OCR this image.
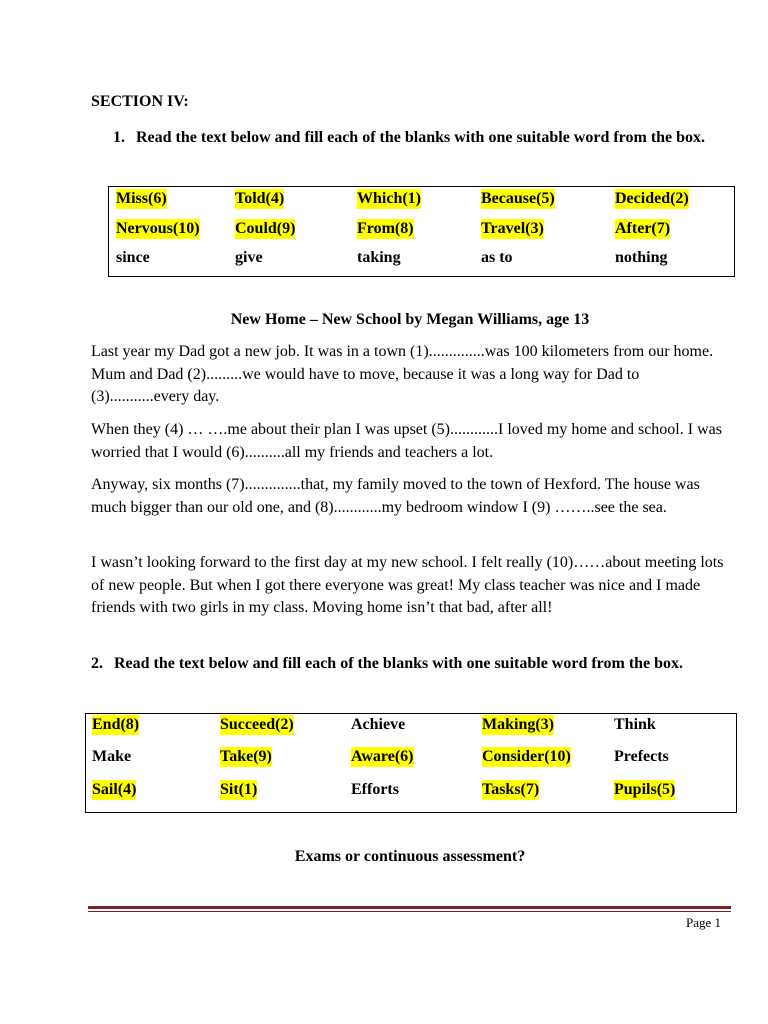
SECTION IV:
1. Read the text below and fill each of the blanks with one suitable word from the box.
Miss(6)	Told(4)	Which(1)	Because(5)	Decided(2)
Nervous(10) Could(9)	From(8)	Travel(3)	After(7)
since	give	taking	as to	nothing
New Home – New School by Megan Williams, age 13

Last year my Dad got a new job. It was in a town (1)..............was 100 kilometers from our home. Mum and Dad (2).........we would have to move, because it was a long way for Dad to (3)...........every day.

When they (4) … ….me about their plan I was upset (5)............I loved my home and school. I was worried that I would (6)..........all my friends and teachers a lot.

Anyway, six months (7)..............that, my family moved to the town of Hexford. The house was much bigger than our old one, and (8)............my bedroom window I (9) ……..see the sea.

I wasn’t looking forward to the first day at my new school. I felt really (10)……about meeting lots of new people. But when I got there everyone was great! My class teacher was nice and I made friends with two girls in my class. Moving home isn’t that bad, after all!

2. Read the text below and fill each of the blanks with one suitable word from the box.
End(8)	Succeed(2)	Achieve	Making(3)	Think
Make	Take(9)	Aware(6)	Consider(10)	Prefects
Sail(4)	Sit(1)	Efforts	Tasks(7)	Pupils(5)
Exams or continuous assessment?
Page 1
